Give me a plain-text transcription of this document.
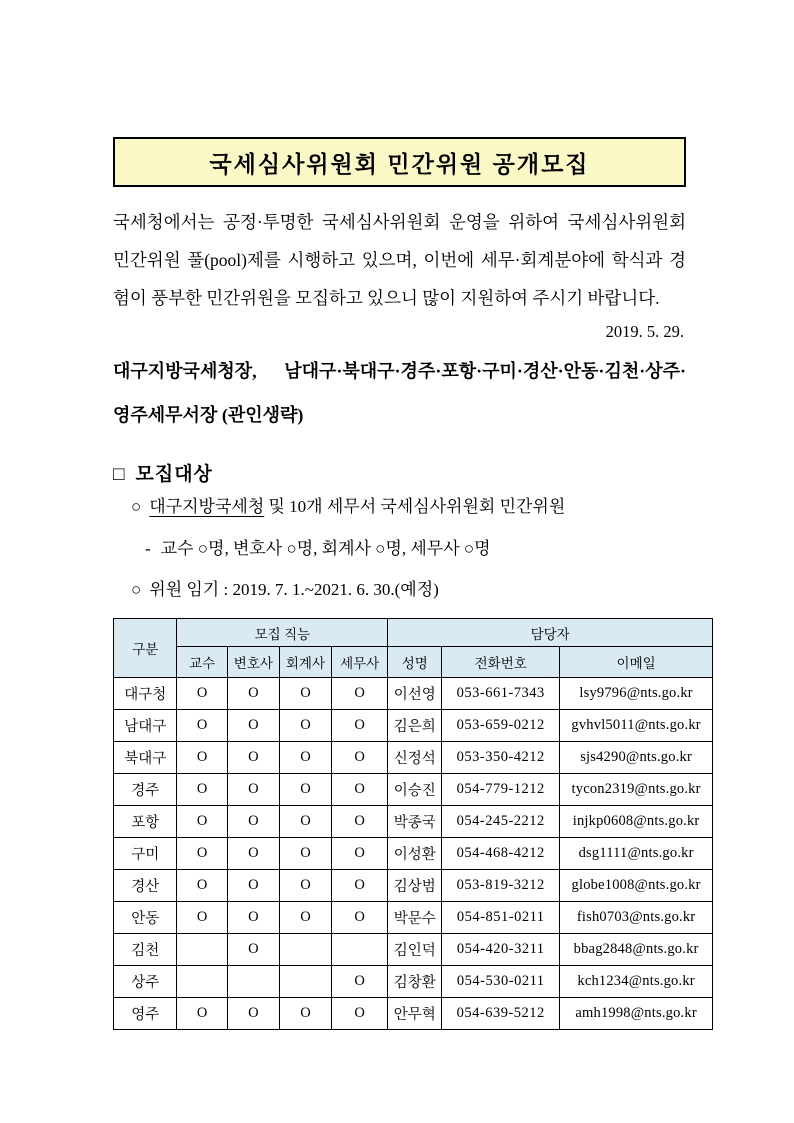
국세심사위원회 민간위원 공개모집
국세청에서는 공정·투명한 국세심사위원회 운영을 위하여 국세심사위원회 민간위원 풀(pool)제를 시행하고 있으며, 이번에 세무·회계분야에 학식과 경험이 풍부한 민간위원을 모집하고 있으니 많이 지원하여 주시기 바랍니다.
2019. 5. 29.
대구지방국세청장,     남대구·북대구·경주·포항·구미·경산·안동·김천·상주·영주세무서장 (관인생략)
□ 모집대상
○ 대구지방국세청 및 10개 세무서 국세심사위원회 민간위원
- 교수 ○명, 변호사 ○명, 회계사 ○명, 세무사 ○명
○ 위원 임기 : 2019. 7. 1.~2021. 6. 30.(예정)
구분	모집 직능				담당자		
	교수	변호사	회계사	세무사	성명	전화번호	이메일
대구청	O	O	O	O	이선영	053-661-7343	lsy9796@nts.go.kr
남대구	O	O	O	O	김은희	053-659-0212	gvhvl5011@nts.go.kr
북대구	O	O	O	O	신정석	053-350-4212	sjs4290@nts.go.kr
경주	O	O	O	O	이승진	054-779-1212	tycon2319@nts.go.kr
포항	O	O	O	O	박종국	054-245-2212	injkp0608@nts.go.kr
구미	O	O	O	O	이성환	054-468-4212	dsg1111@nts.go.kr
경산	O	O	O	O	김상범	053-819-3212	globe1008@nts.go.kr
안동	O	O	O	O	박문수	054-851-0211	fish0703@nts.go.kr
김천		O			김인덕	054-420-3211	bbag2848@nts.go.kr
상주				O	김창환	054-530-0211	kch1234@nts.go.kr
영주	O	O	O	O	안무혁	054-639-5212	amh1998@nts.go.kr
